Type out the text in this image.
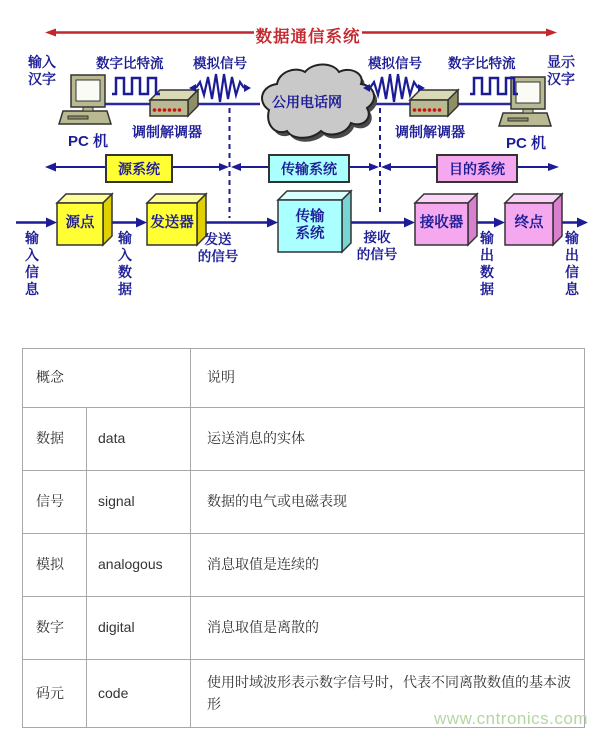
数据通信系统
输入
汉字
数字比特流 模拟信号
公用电话网
模拟信号 数字比特流 显示
汉字
PC 机
调制解调器	调制解调器
PC 机
源系统	传输系统	目的系统
源点	发送器	传输
系统
接收器	终点
输入信息
输入数据
发送
的信号
接收
的信号
输出数据
输出信息
概念		说明
数据	data	运送消息的实体
信号	signal	数据的电气或电磁表现
模拟	analogous	消息取值是连续的
数字	digital	消息取值是离散的
码元	code	使用时域波形表示数字信号时，代表不同离散数值的基本波形
www.cntronics.com
